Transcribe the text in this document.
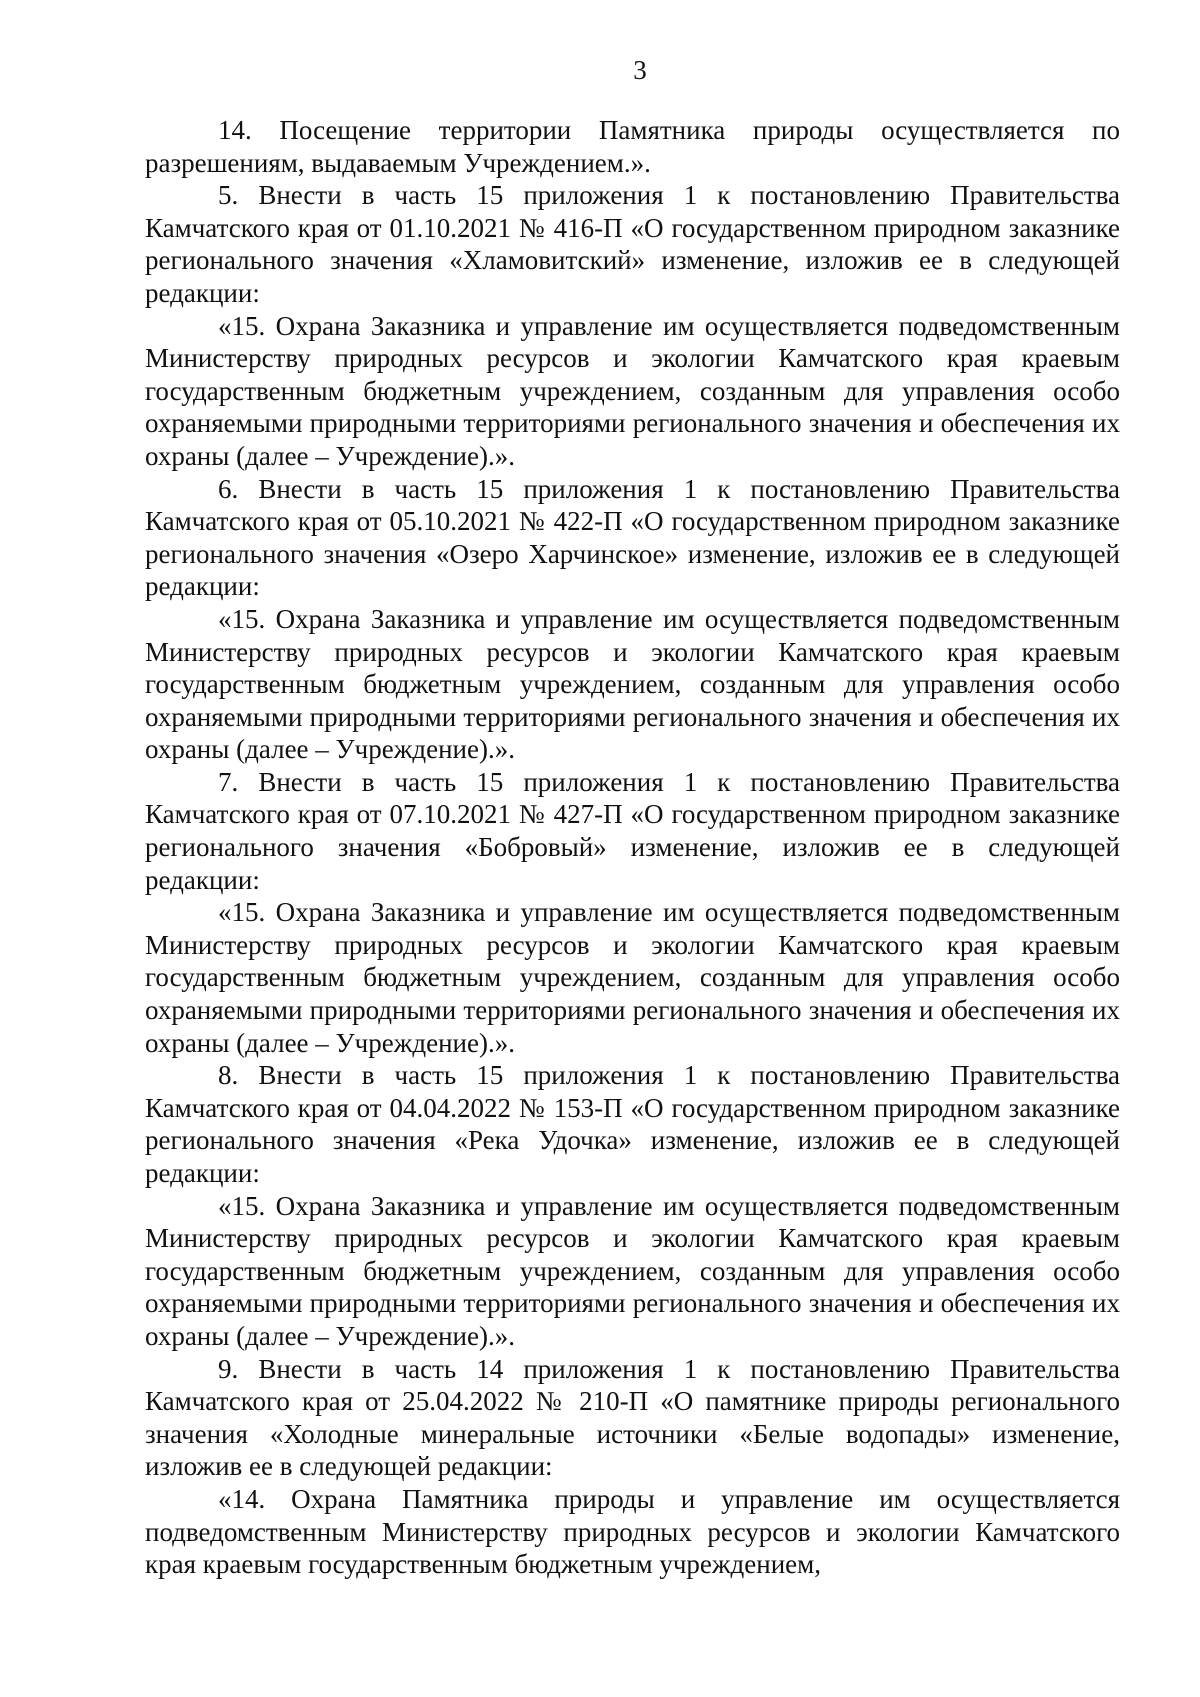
3

14. Посещение территории Памятника природы осуществляется по разрешениям, выдаваемым Учреждением.».

5. Внести в часть 15 приложения 1 к постановлению Правительства Камчатского края от 01.10.2021 № 416-П «О государственном природном заказнике регионального значения «Хламовитский» изменение, изложив ее в следующей редакции:

«15. Охрана Заказника и управление им осуществляется подведомственным Министерству природных ресурсов и экологии Камчатского края краевым государственным бюджетным учреждением, созданным для управления особо охраняемыми природными территориями регионального значения и обеспечения их охраны (далее – Учреждение).».

6. Внести в часть 15 приложения 1 к постановлению Правительства Камчатского края от 05.10.2021 № 422-П «О государственном природном заказнике регионального значения «Озеро Харчинское» изменение, изложив ее в следующей редакции:

«15. Охрана Заказника и управление им осуществляется подведомственным Министерству природных ресурсов и экологии Камчатского края краевым государственным бюджетным учреждением, созданным для управления особо охраняемыми природными территориями регионального значения и обеспечения их охраны (далее – Учреждение).».

7. Внести в часть 15 приложения 1 к постановлению Правительства Камчатского края от 07.10.2021 № 427-П «О государственном природном заказнике регионального значения «Бобровый» изменение, изложив ее в следующей редакции:

«15. Охрана Заказника и управление им осуществляется подведомственным Министерству природных ресурсов и экологии Камчатского края краевым государственным бюджетным учреждением, созданным для управления особо охраняемыми природными территориями регионального значения и обеспечения их охраны (далее – Учреждение).».

8. Внести в часть 15 приложения 1 к постановлению Правительства Камчатского края от 04.04.2022 № 153-П «О государственном природном заказнике регионального значения «Река Удочка» изменение, изложив ее в следующей редакции:

«15. Охрана Заказника и управление им осуществляется подведомственным Министерству природных ресурсов и экологии Камчатского края краевым государственным бюджетным учреждением, созданным для управления особо охраняемыми природными территориями регионального значения и обеспечения их охраны (далее – Учреждение).».

9. Внести в часть 14 приложения 1 к постановлению Правительства Камчатского края от 25.04.2022 № 210-П «О памятнике природы регионального значения «Холодные минеральные источники «Белые водопады» изменение, изложив ее в следующей редакции:

«14. Охрана Памятника природы и управление им осуществляется подведомственным Министерству природных ресурсов и экологии Камчатского края краевым государственным бюджетным учреждением,
